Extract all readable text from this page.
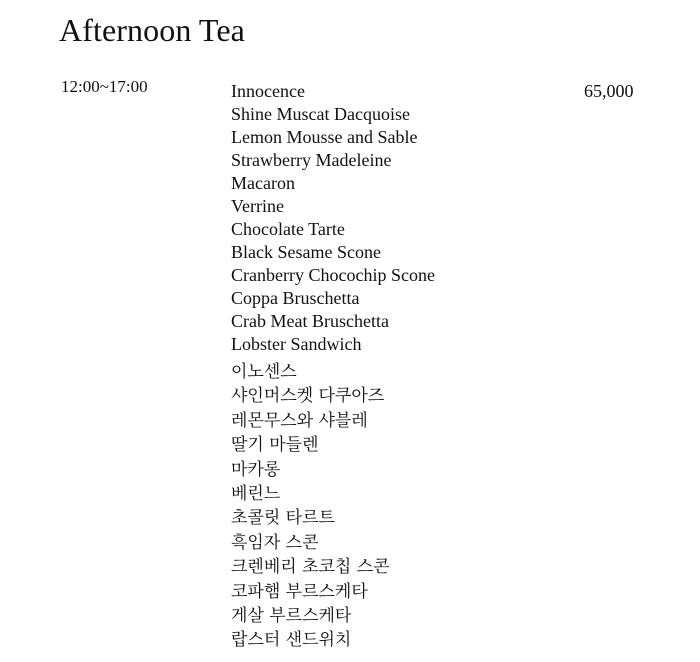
Afternoon Tea
12:00~17:00	Innocence
Shine Muscat Dacquoise
Lemon Mousse and Sable
Strawberry Madeleine
Macaron
Verrine
Chocolate Tarte
Black Sesame Scone
Cranberry Chocochip Scone
Coppa Bruschetta
Crab Meat Bruschetta
Lobster Sandwich
65,000
이노센스
샤인머스켓 다쿠아즈
레몬무스와 샤블레
딸기 마들렌
마카롱
베린느
초콜릿 타르트
흑임자 스콘
크렌베리 초코칩 스콘
코파햄 부르스케타
게살 부르스케타
랍스터 샌드위치
